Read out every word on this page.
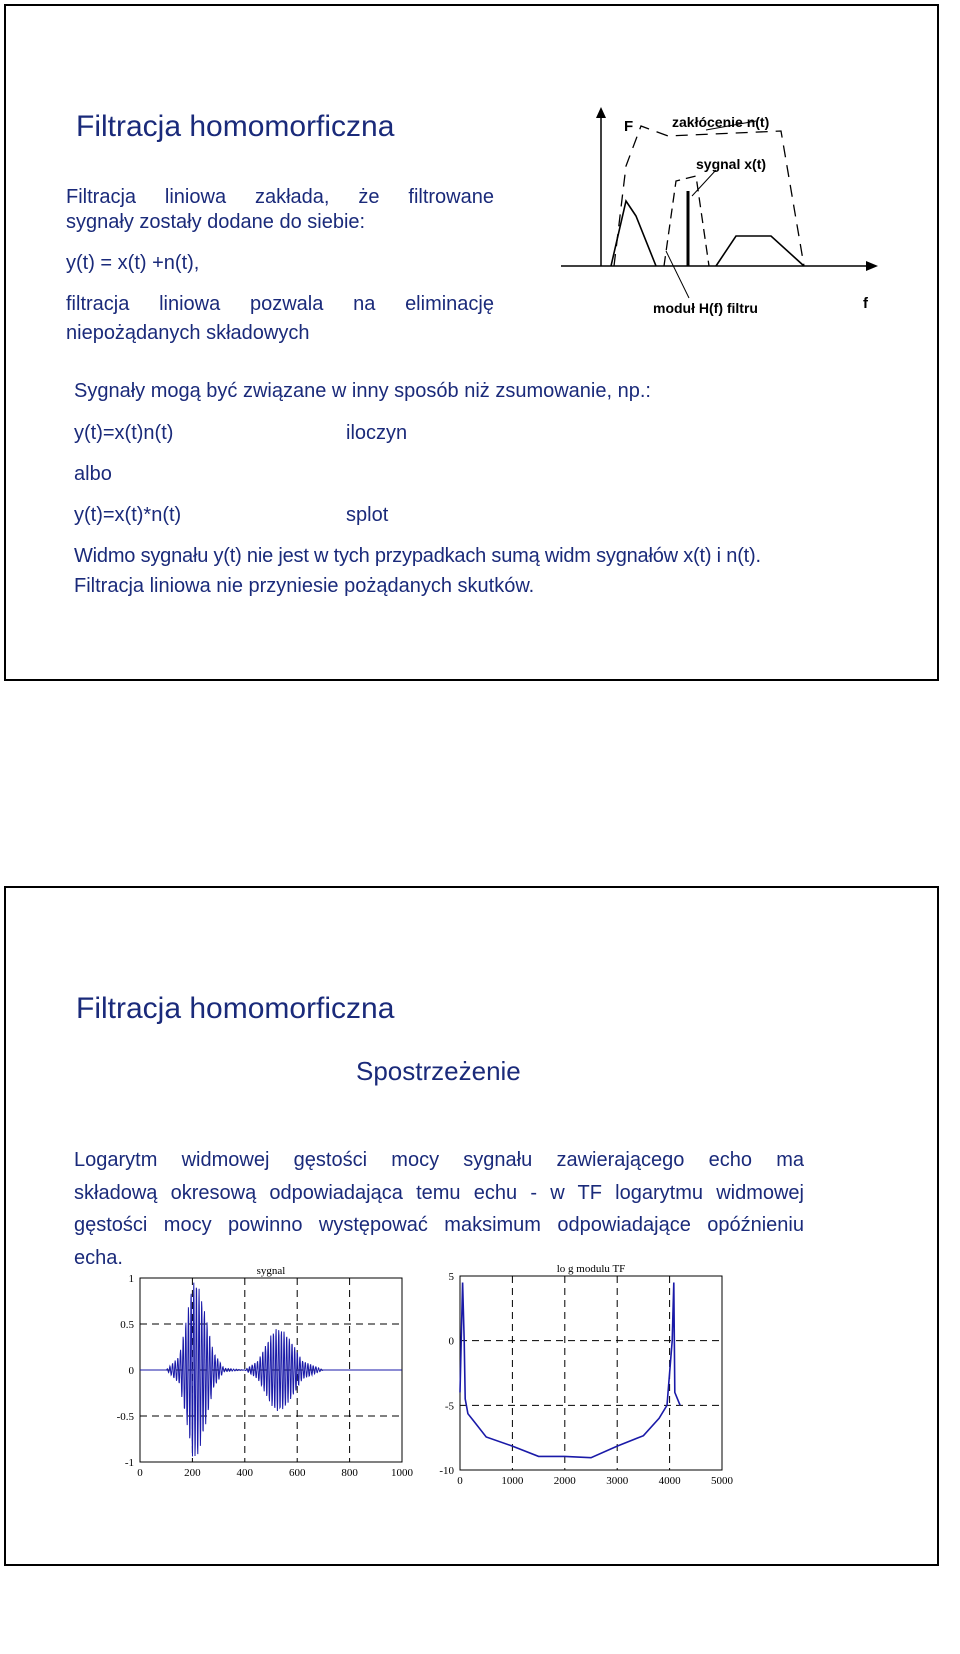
Filtracja homomorficzna
Filtracja liniowa zakłada, że filtrowane
sygnały zostały dodane do siebie:
y(t) = x(t) +n(t),
filtracja liniowa pozwala na eliminację
niepożądanych składowych
F	zakłócenie n(t)
sygnal x(t)
moduł H(f) filtru	f
Sygnały mogą być związane w inny sposób niż zsumowanie, np.:
y(t)=x(t)n(t)	iloczyn
albo
y(t)=x(t)*n(t)	splot
Widmo sygnału y(t) nie jest w tych przypadkach sumą widm sygnałów x(t) i n(t).
Filtracja liniowa nie przyniesie pożądanych skutków.
Filtracja homomorficzna
Spostrzeżenie
Logarytm widmowej gęstości mocy sygnału zawierającego echo ma
składową okresową odpowiadająca temu echu - w TF logarytmu widmowej
gęstości mocy powinno występować maksimum odpowiadające opóźnieniu
echa.
0	200	400	600	800	1000
1
0.5
0
-0.5
-1
sygnal
0	1000	2000	3000	4000	5000
5
0
-5
-10
lo g modulu TF
